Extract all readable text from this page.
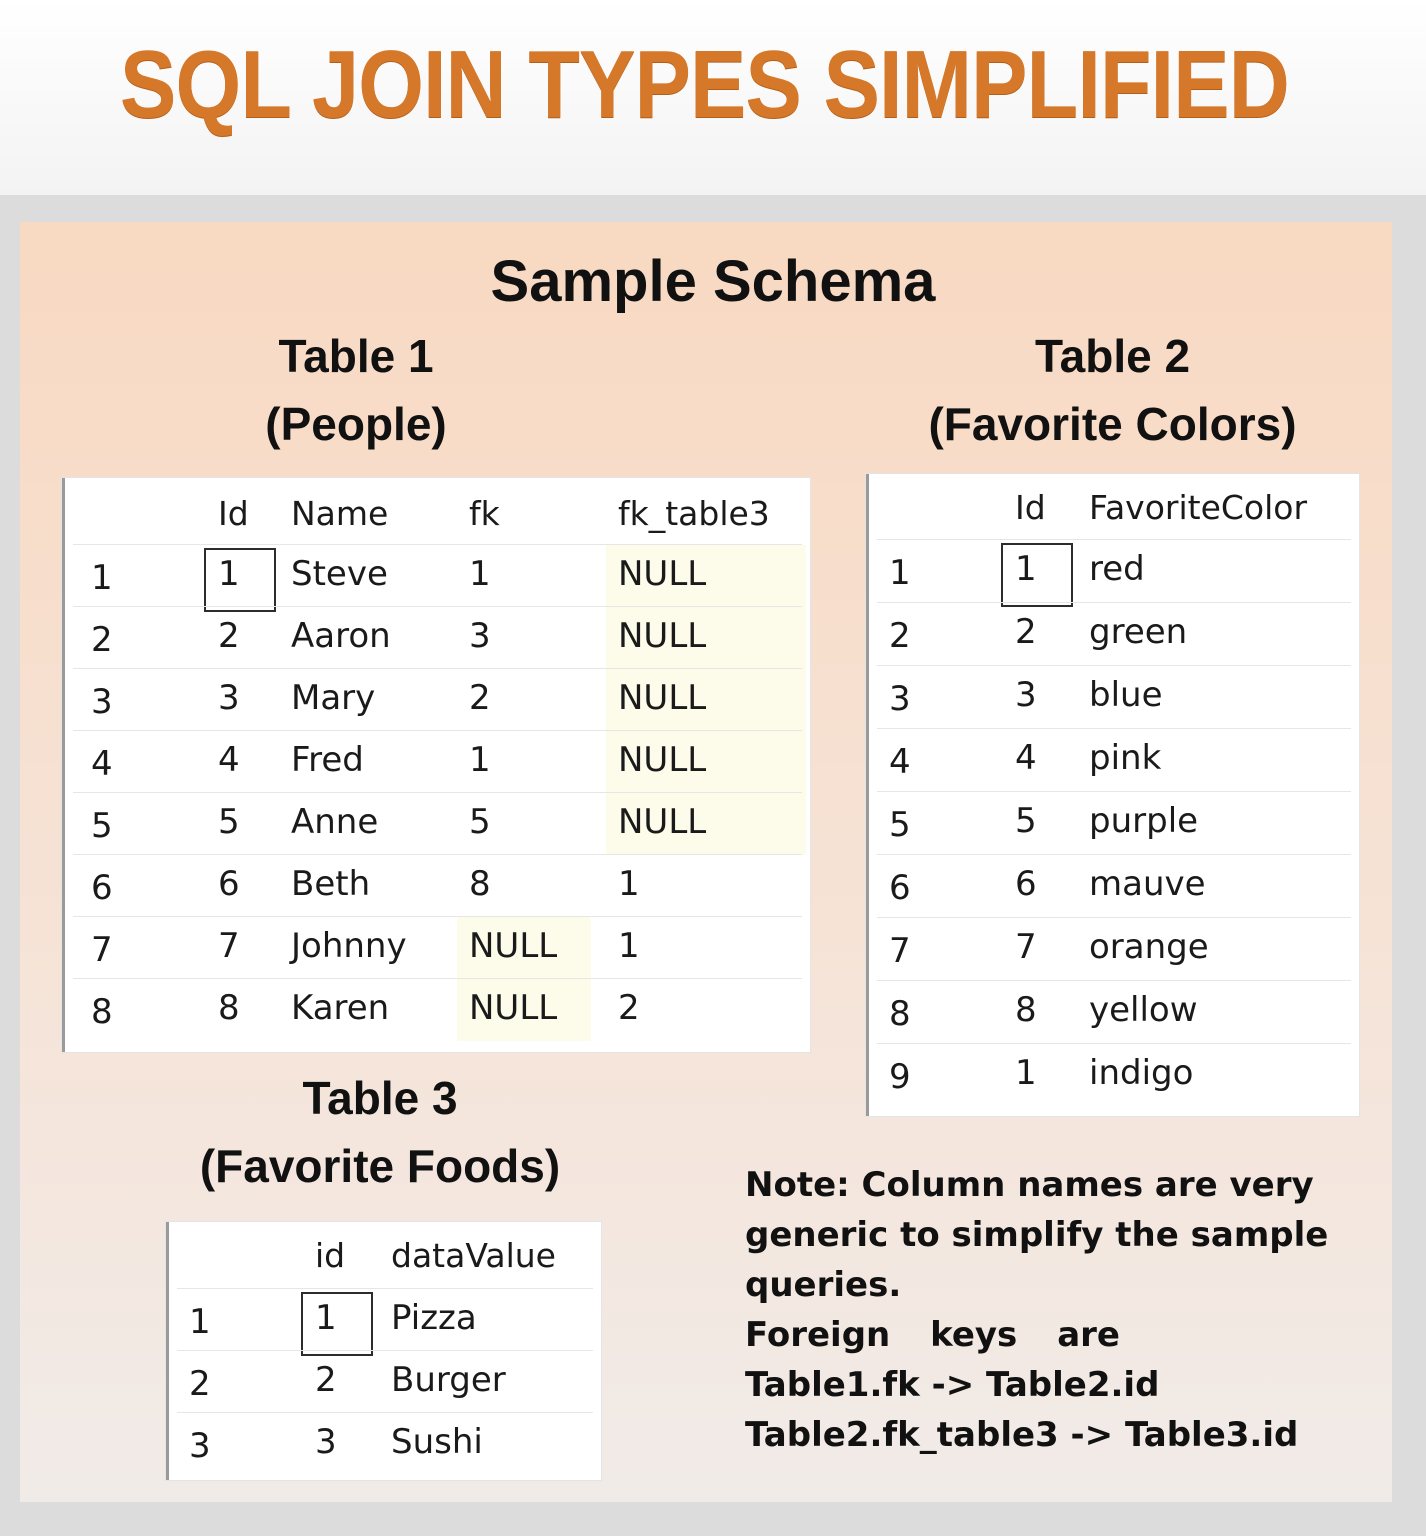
SQL JOIN TYPES SIMPLIFIED
Sample Schema
Table 1
(People)
Table 2
(Favorite Colors)
Table 3
(Favorite Foods)
Id Name fk	fk_table3
1	1 Steve 1	NULL
2	2 Aaron 3	NULL
3	3 Mary	2	NULL
4	4 Fred	1	NULL
5	5 Anne	5	NULL
6	6 Beth	8	1
7	7 Johnny NULL 1
8	8 Karen NULL 2
Id FavoriteColor
1	1 red
2	2 green
3	3 blue
4	4 pink
5	5 purple
6	6 mauve
7	7 orange
8	8 yellow
9	1 indigo
id dataValue
1	1 Pizza
2	2 Burger
3	3 Sushi
Note: Column names are very
generic to simplify the sample
queries.
Foreign keys are
Table1.fk -> Table2.id
Table2.fk_table3 -> Table3.id
